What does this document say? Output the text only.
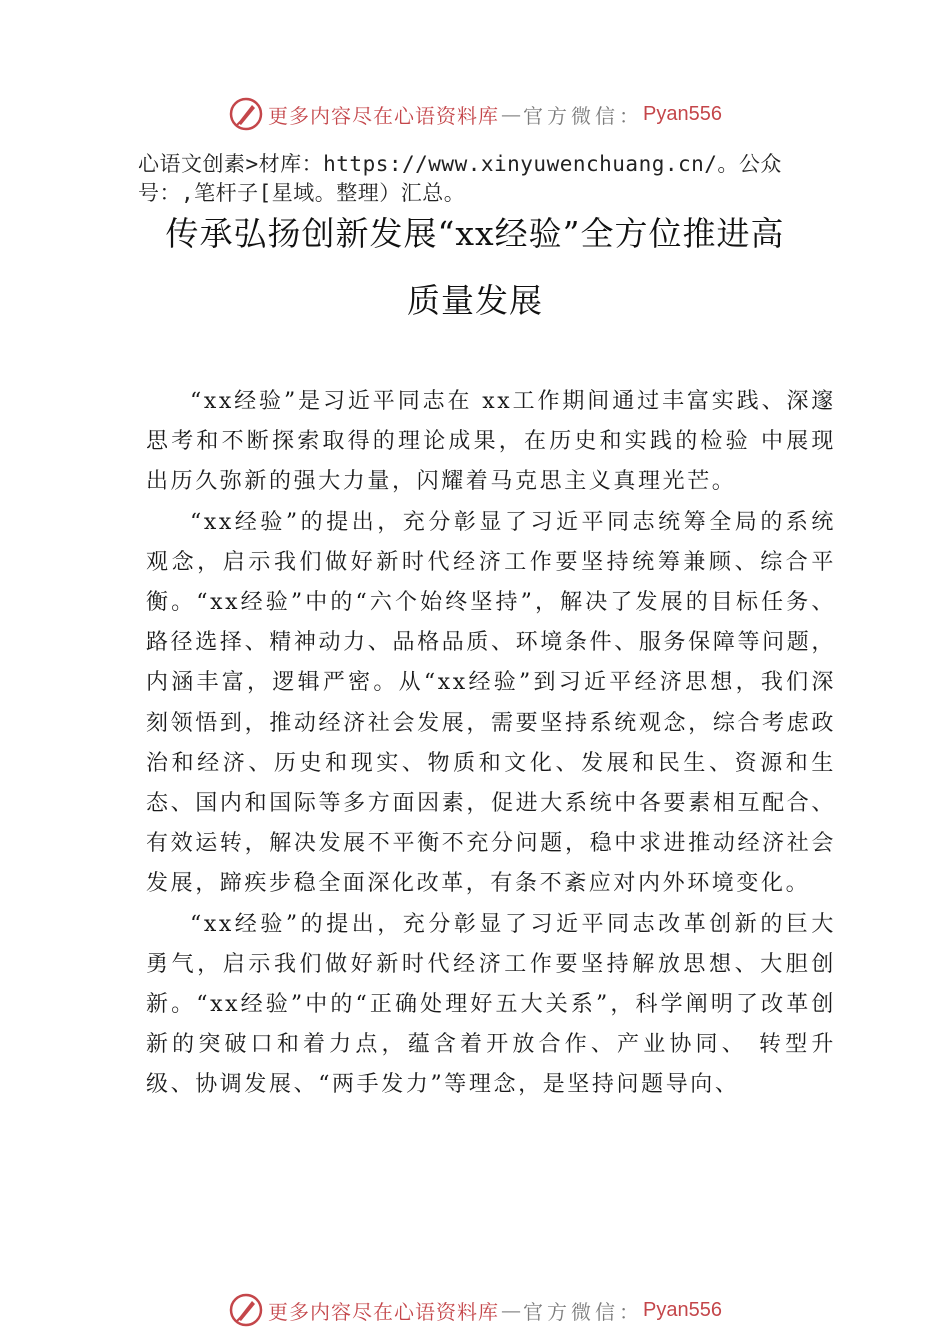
更多内容尽在心语资料库 — 官方微信： Pyan556
心语文创素>材库：https://www.xinyuwenchuang.cn/。公众号：,笔杆子[星域。整理）汇总。
传承弘扬创新发展“xx经验”全方位推进高
质量发展

“xx经验”是习近平同志在 xx工作期间通过丰富实践、深邃思考和不断探索取得的理论成果，在历史和实践的检验 中展现出历久弥新的强大力量，闪耀着马克思主义真理光芒。

“xx经验”的提出，充分彰显了习近平同志统筹全局的系统观念，启示我们做好新时代经济工作要坚持统筹兼顾、综合平衡。“xx经验”中的“六个始终坚持”，解决了发展的目标任务、路径选择、精神动力、品格品质、环境条件、服务保障等问题，内涵丰富，逻辑严密。从“xx经验”到习近平经济思想，我们深刻领悟到，推动经济社会发展，需要坚持系统观念，综合考虑政治和经济、历史和现实、物质和文化、发展和民生、资源和生态、国内和国际等多方面因素，促进大系统中各要素相互配合、有效运转，解决发展不平衡不充分问题，稳中求进推动经济社会发展，蹄疾步稳全面深化改革，有条不紊应对内外环境变化。

“xx经验”的提出，充分彰显了习近平同志改革创新的巨大勇气，启示我们做好新时代经济工作要坚持解放思想、大胆创新。“xx经验”中的“正确处理好五大关系”，科学阐明了改革创新的突破口和着力点，蕴含着开放合作、产业协同、 转型升级、协调发展、“两手发力”等理念，是坚持问题导向、

更多内容尽在心语资料库 — 官方微信： Pyan556
